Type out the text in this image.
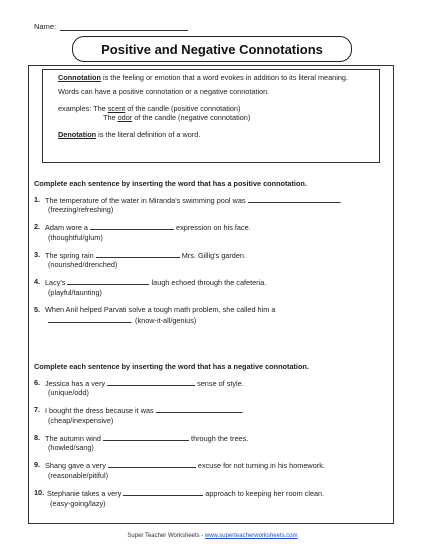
Name:
Positive and Negative Connotations

Connotation is the feeling or emotion that a word evokes in addition to its literal meaning.

Words can have a positive connotation or a negative connotation.

examples: The scent of the candle (positive connotation)
The odor of the candle (negative connotation)

Denotation is the literal definition of a word.

Complete each sentence by inserting the word that has a positive connotation.

1. The temperature of the water in Miranda's swimming pool was	.
(freezing/refreshing)
2. Adam wore a	expression on his face.
(thoughtful/glum)
3. The spring rain	Mrs. Gillig's garden.
(nourished/drenched)
4. Lacy's	laugh echoed through the cafeteria.
(playful/taunting)
5. When Anil helped Parvati solve a tough math problem, she called him a
. (know-it-all/genius)

Complete each sentence by inserting the word that has a negative connotation.

6. Jessica has a very	sense of style.
(unique/odd)
7. I bought the dress because it was	.
(cheap/inexpensive)
8. The autumn wind	through the trees.
(howled/sang)
9. Shang gave a very	excuse for not turning in his homework.
(reasonable/pitiful)
10. Stephanie takes a very	approach to keeping her room clean.
(easy-going/lazy)
Super Teacher Worksheets - www.superteacherworksheets.com
